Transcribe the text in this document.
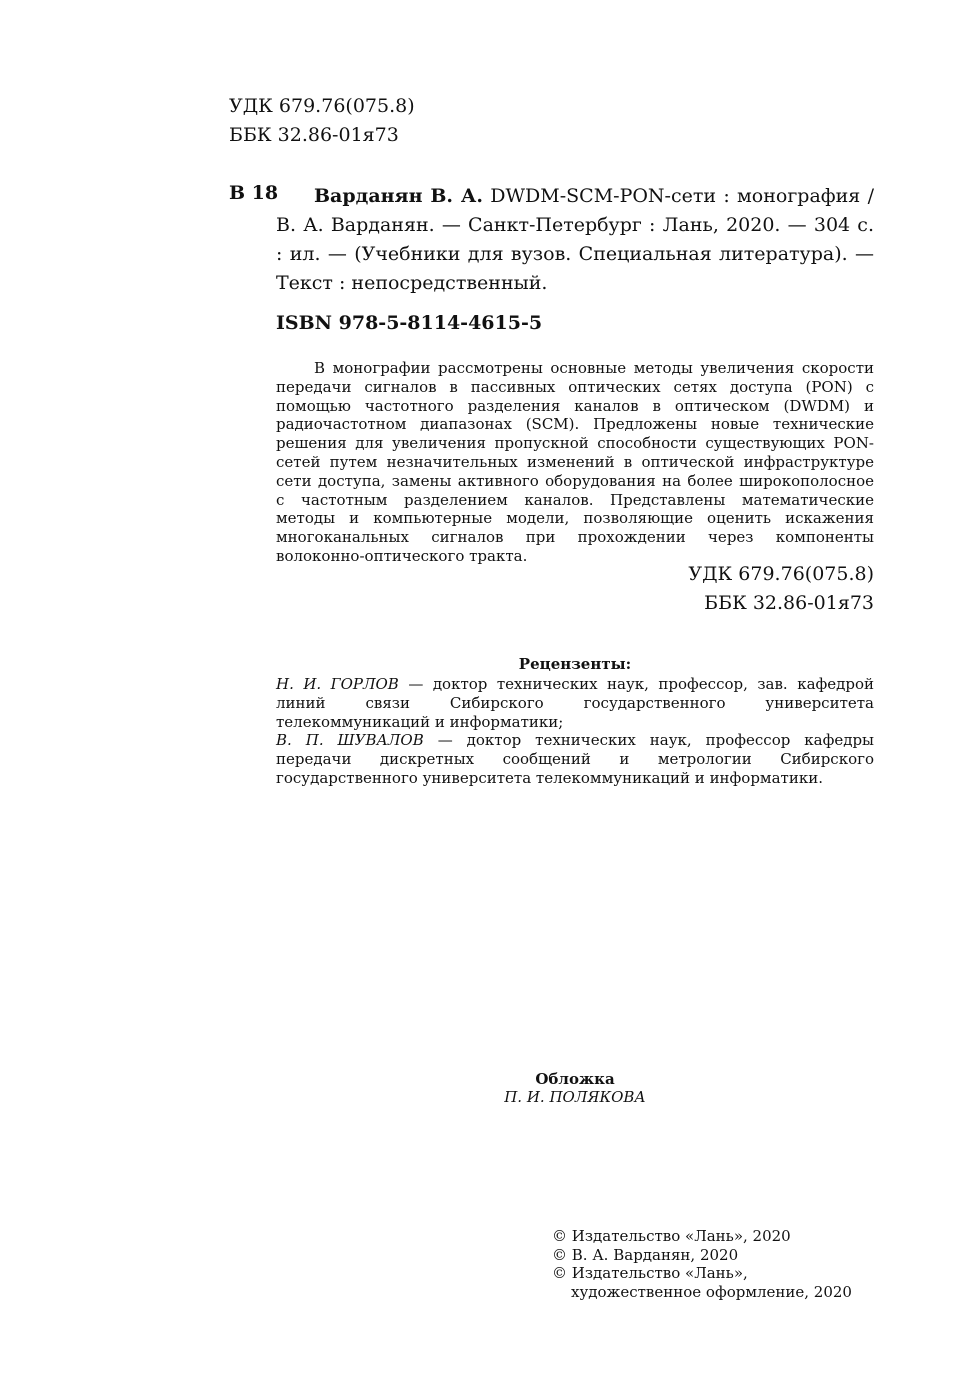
УДК 679.76(075.8)
ББК 32.86-01я73
В 18	Варданян В. А. DWDM-SCM-PON-сети : монография / В. А. Варданян. — Санкт-Петербург : Лань, 2020. — 304 с. : ил. — (Учебники для вузов. Специальная литература). — Текст : непосредственный.
ISBN 978-5-8114-4615-5
В монографии рассмотрены основные методы увеличения скорости передачи сигналов в пассивных оптических сетях доступа (PON) с помощью частотного разделения каналов в оптическом (DWDM) и радиочастотном диапазонах (SCM). Предложены новые технические решения для увеличения пропускной способности существующих PON-сетей путем незначительных изменений в оптической инфраструктуре сети доступа, замены активного оборудования на более широкополосное с частотным разделением каналов. Представлены математические методы и компьютерные модели, позволяющие оценить искажения многоканальных сигналов при прохождении через компоненты волоконно-оптического тракта.
УДК 679.76(075.8)
ББК 32.86-01я73
Рецензенты:
Н. И. ГОРЛОВ — доктор технических наук, профессор, зав. кафедрой линий связи Сибирского государственного университета телекоммуникаций и информатики;
В. П. ШУВАЛОВ — доктор технических наук, профессор кафедры передачи дискретных сообщений и метрологии Сибирского государственного университета телекоммуникаций и информатики.
Обложка
П. И. ПОЛЯКОВА
© Издательство «Лань», 2020
© В. А. Варданян, 2020
© Издательство «Лань»,
художественное оформление, 2020
